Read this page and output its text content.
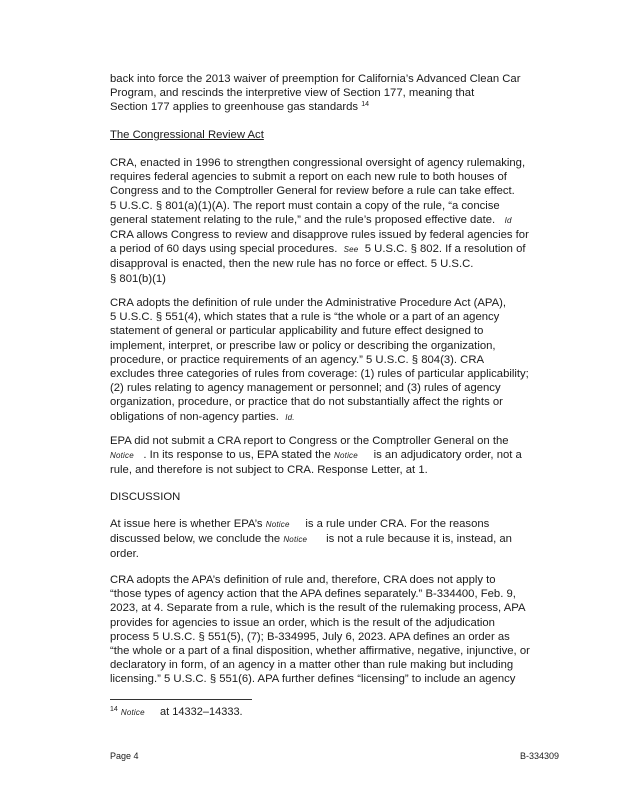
back into force the 2013 waiver of preemption for California’s Advanced Clean Car
Program, and rescinds the interpretive view of Section 177, meaning that
Section 177 applies to greenhouse gas standards $^{14}$
The Congressional Review Act
CRA, enacted in 1996 to strengthen congressional oversight of agency rulemaking,
requires federal agencies to submit a report on each new rule to both houses of
Congress and to the Comptroller General for review before a rule can take effect.
5 U.S.C. § 801(a)(1)(A). The report must contain a copy of the rule, “a concise
general statement relating to the rule,” and the rule’s proposed effective date. Id
CRA allows Congress to review and disapprove rules issued by federal agencies for
a period of 60 days using special procedures. See 5 U.S.C. § 802. If a resolution of
disapproval is enacted, then the new rule has no force or effect. 5 U.S.C.
§ 801(b)(1)
CRA adopts the definition of rule under the Administrative Procedure Act (APA),
5 U.S.C. § 551(4), which states that a rule is “the whole or a part of an agency
statement of general or particular applicability and future effect designed to
implement, interpret, or prescribe law or policy or describing the organization,
procedure, or practice requirements of an agency.” 5 U.S.C. § 804(3). CRA
excludes three categories of rules from coverage: (1) rules of particular applicability;
(2) rules relating to agency management or personnel; and (3) rules of agency
organization, procedure, or practice that do not substantially affect the rights or
obligations of non-agency parties. Id.
EPA did not submit a CRA report to Congress or the Comptroller General on the
Notice . In its response to us, EPA stated the Notice is an adjudicatory order, not a
rule, and therefore is not subject to CRA. Response Letter, at 1.
DISCUSSION
At issue here is whether EPA’s Notice is a rule under CRA. For the reasons
discussed below, we conclude the Notice is not a rule because it is, instead, an
order.
CRA adopts the APA’s definition of rule and, therefore, CRA does not apply to
“those types of agency action that the APA defines separately.” B-334400, Feb. 9,
2023, at 4. Separate from a rule, which is the result of the rulemaking process, APA
provides for agencies to issue an order, which is the result of the adjudication
process 5 U.S.C. § 551(5), (7); B-334995, July 6, 2023. APA defines an order as
“the whole or a part of a final disposition, whether affirmative, negative, injunctive, or
declaratory in form, of an agency in a matter other than rule making but including
licensing.” 5 U.S.C. § 551(6). APA further defines “licensing” to include an agency
$^{14}$ Notice at 14332–14333.
Page 4	B-334309
